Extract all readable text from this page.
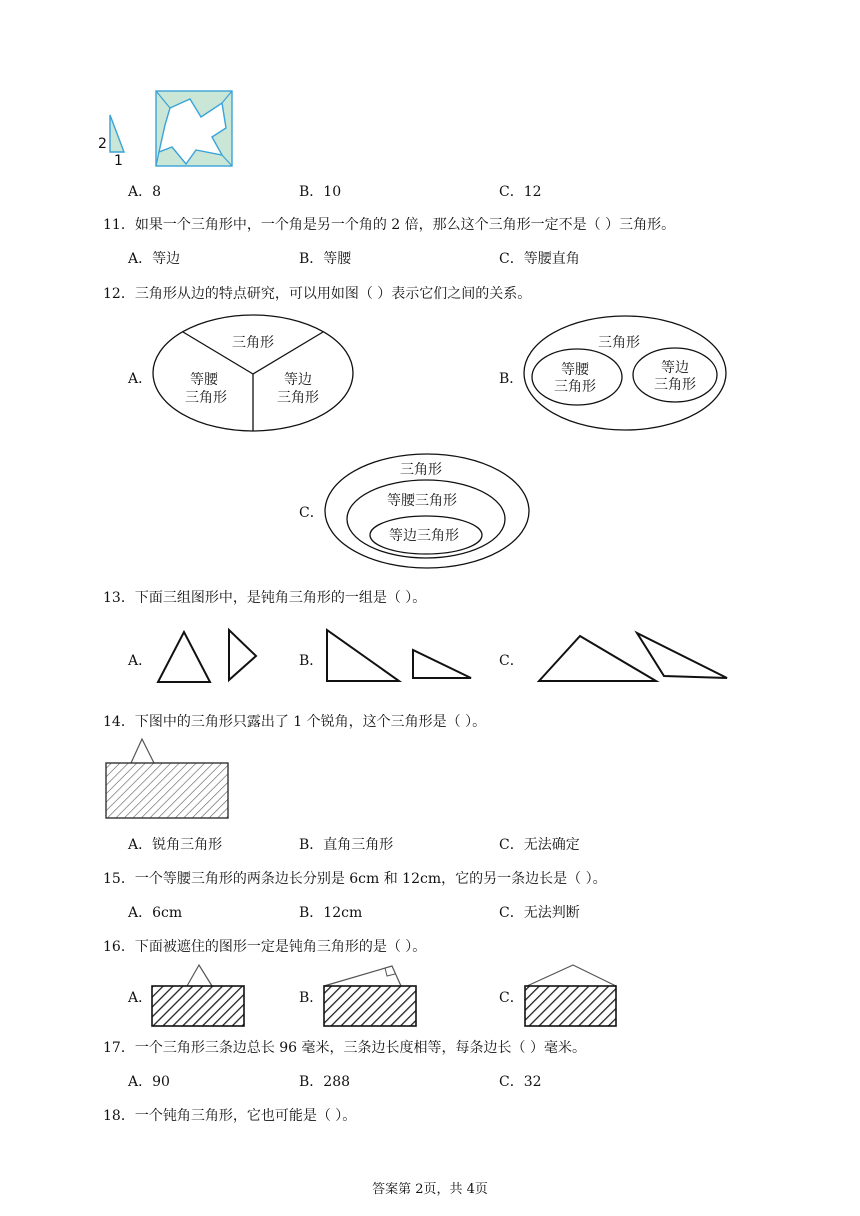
2
1
A．8	B．10	C．12
11．如果一个三角形中，一个角是另一个角的 2 倍，那么这个三角形一定不是（ ）三角形。
A．等边	B．等腰	C．等腰直角
12．三角形从边的特点研究，可以用如图（ ）表示它们之间的关系。
A．
三角形
等腰
三角形
等边
三角形
B．
三角形
等腰
三角形
等边
三角形
C．
三角形
等腰三角形
等边三角形
13．下面三组图形中，是钝角三角形的一组是（ ）。
A．	B．	C．
14．下图中的三角形只露出了 1 个锐角，这个三角形是（ ）。
A．锐角三角形	B．直角三角形	C．无法确定
15．一个等腰三角形的两条边长分别是 6cm 和 12cm，它的另一条边长是（ ）。
A．6cm	B．12cm	C．无法判断
16．下面被遮住的图形一定是钝角三角形的是（ ）。
A．	B．	C．
17．一个三角形三条边总长 96 毫米，三条边长度相等，每条边长（ ）毫米。
A．90	B．288	C．32
18．一个钝角三角形，它也可能是（ ）。
答案第 2页，共 4页
